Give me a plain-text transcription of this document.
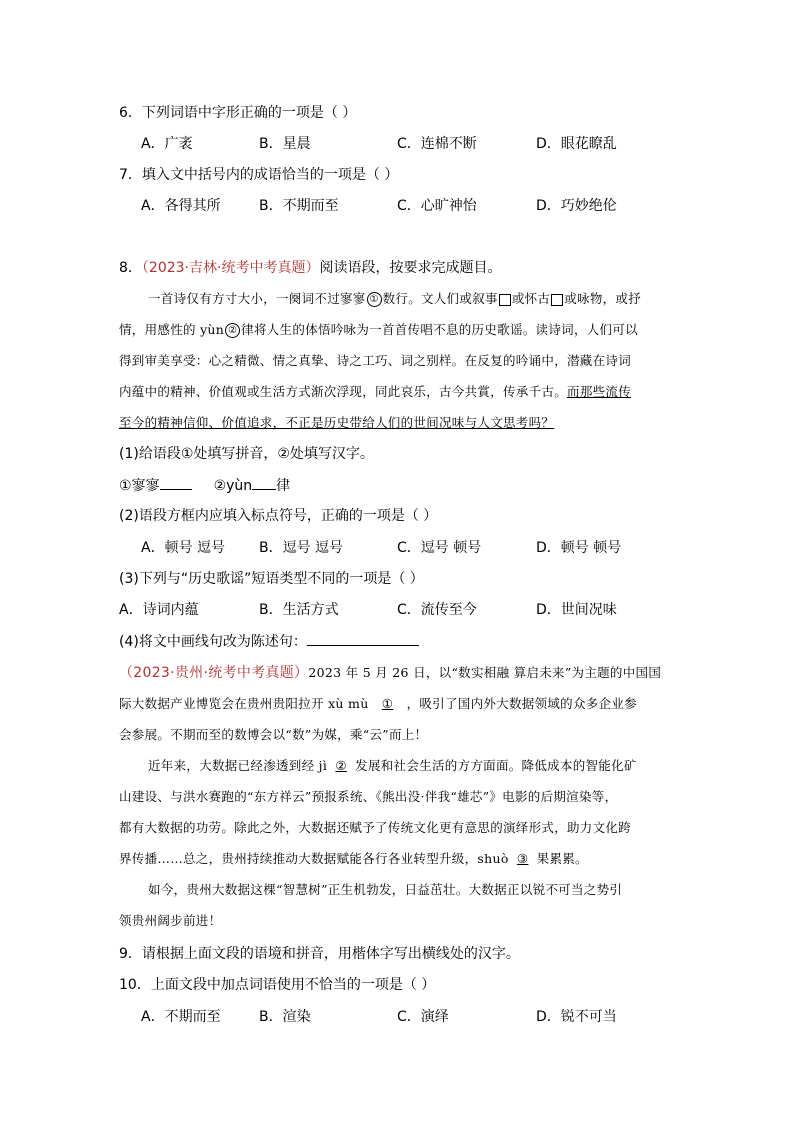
6．下列词语中字形正确的一项是（ ）
A．广袤	B．星晨	C．连棉不断	D．眼花瞭乱
7．填入文中括号内的成语恰当的一项是（ ）
A．各得其所	B．不期而至	C．心旷神怡	D．巧妙绝伦
8．（2023·吉林·统考中考真题）阅读语段，按要求完成题目。
一首诗仅有方寸大小，一阕词不过寥寥 ① 数行。文人们或叙事 或怀古 或咏物，或抒
情，用感性的 yùn ② 律将人生的体悟吟咏为一首首传唱不息的历史歌谣。读诗词，人们可以
得到审美享受：心之精微、情之真挚、诗之工巧、词之别样。在反复的吟诵中，潜藏在诗词
内蕴中的精神、价值观或生活方式渐次浮现，同此哀乐，古今共賞，传承千古。而那些流传
至今的精神信仰、价值追求，不正是历史带给人们的世间况味与人文思考吗？
(1)给语段①处填写拼音，②处填写汉字。
①寥寥	②yùn 律
(2)语段方框内应填入标点符号，正确的一项是（ ）
A．顿号 逗号 B．逗号 逗号	C．逗号 顿号	D．顿号 顿号
(3)下列与“历史歌谣”短语类型不同的一项是（ ）
A．诗词内蕴	B．生活方式	C．流传至今	D．世间况味
(4)将文中画线句改为陈述句：
（2023·贵州·统考中考真题）2023 年 5 月 26 日，以“数实相融 算启未来”为主题的中国国
际大数据产业博览会在贵州贵阳拉开 xù mù ① ，吸引了国内外大数据领域的众多企业参
会参展。不期而至的数博会以“数”为媒，乘“云”而上！
近年来，大数据已经渗透到经 jì ② 发展和社会生活的方方面面。降低成本的智能化矿
山建设、与洪水赛跑的“东方祥云”预报系统、《熊出没·伴我“雄芯”》电影的后期渲染等，
都有大数据的功劳。除此之外，大数据还赋予了传统文化更有意思的演绎形式，助力文化跨
界传播……总之，贵州持续推动大数据赋能各行各业转型升级，shuò ③ 果累累。
如今，贵州大数据这棵“智慧树”正生机勃发，日益茁壮。大数据正以锐不可当之势引
领贵州阔步前进！
9．请根据上面文段的语境和拼音，用楷体字写出横线处的汉字。
10．上面文段中加点词语使用不恰当的一项是（ ）
A．不期而至	B．渲染	C．演绎	D．锐不可当
